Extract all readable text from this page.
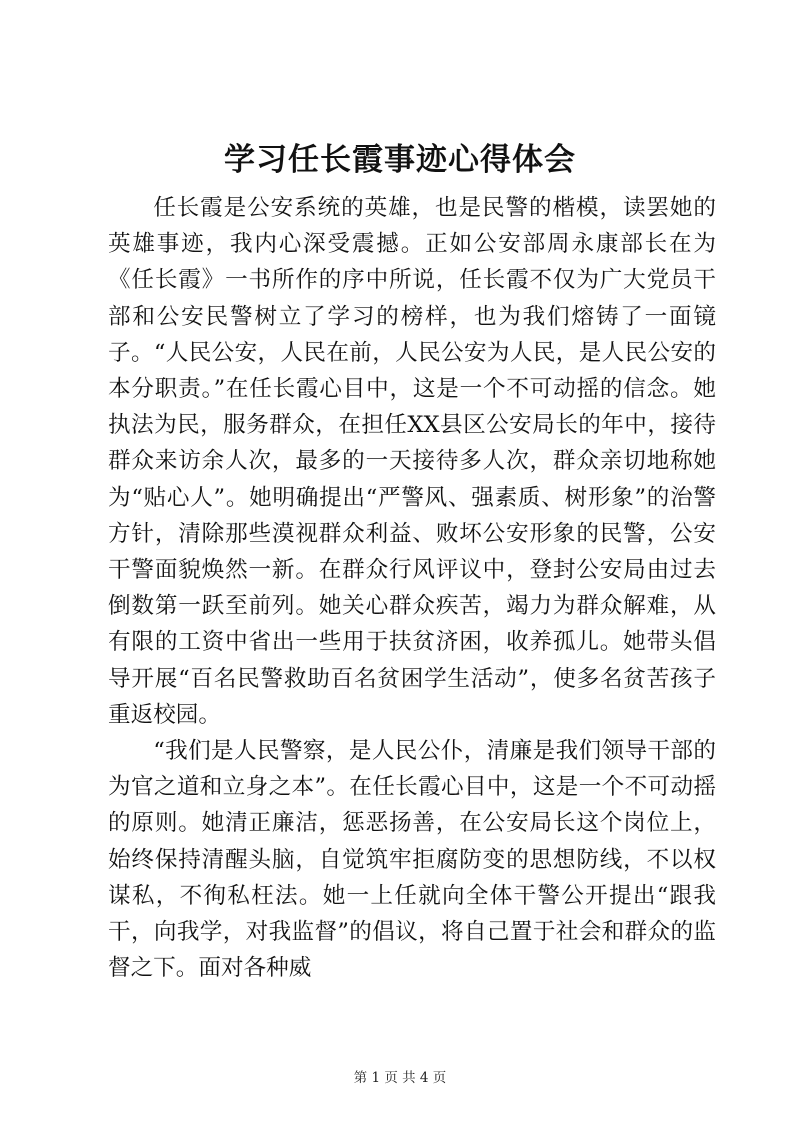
学习任长霞事迹心得体会

任长霞是公安系统的英雄，也是民警的楷模，读罢她的英雄事迹，我内心深受震撼。正如公安部周永康部长在为《任长霞》一书所作的序中所说，任长霞不仅为广大党员干部和公安民警树立了学习的榜样，也为我们熔铸了一面镜子。“人民公安，人民在前，人民公安为人民，是人民公安的本分职责。”在任长霞心目中，这是一个不可动摇的信念。她执法为民，服务群众，在担任XX县区公安局长的年中，接待群众来访余人次，最多的一天接待多人次，群众亲切地称她为“贴心人”。她明确提出“严警风、强素质、树形象”的治警方针，清除那些漠视群众利益、败坏公安形象的民警，公安干警面貌焕然一新。在群众行风评议中，登封公安局由过去倒数第一跃至前列。她关心群众疾苦，竭力为群众解难，从有限的工资中省出一些用于扶贫济困，收养孤儿。她带头倡导开展“百名民警救助百名贫困学生活动”，使多名贫苦孩子重返校园。

“我们是人民警察，是人民公仆，清廉是我们领导干部的为官之道和立身之本”。在任长霞心目中，这是一个不可动摇的原则。她清正廉洁，惩恶扬善，在公安局长这个岗位上，始终保持清醒头脑，自觉筑牢拒腐防变的思想防线，不以权谋私，不徇私枉法。她一上任就向全体干警公开提出“跟我干，向我学，对我监督”的倡议，将自己置于社会和群众的监督之下。面对各种威

第 1 页 共 4 页
